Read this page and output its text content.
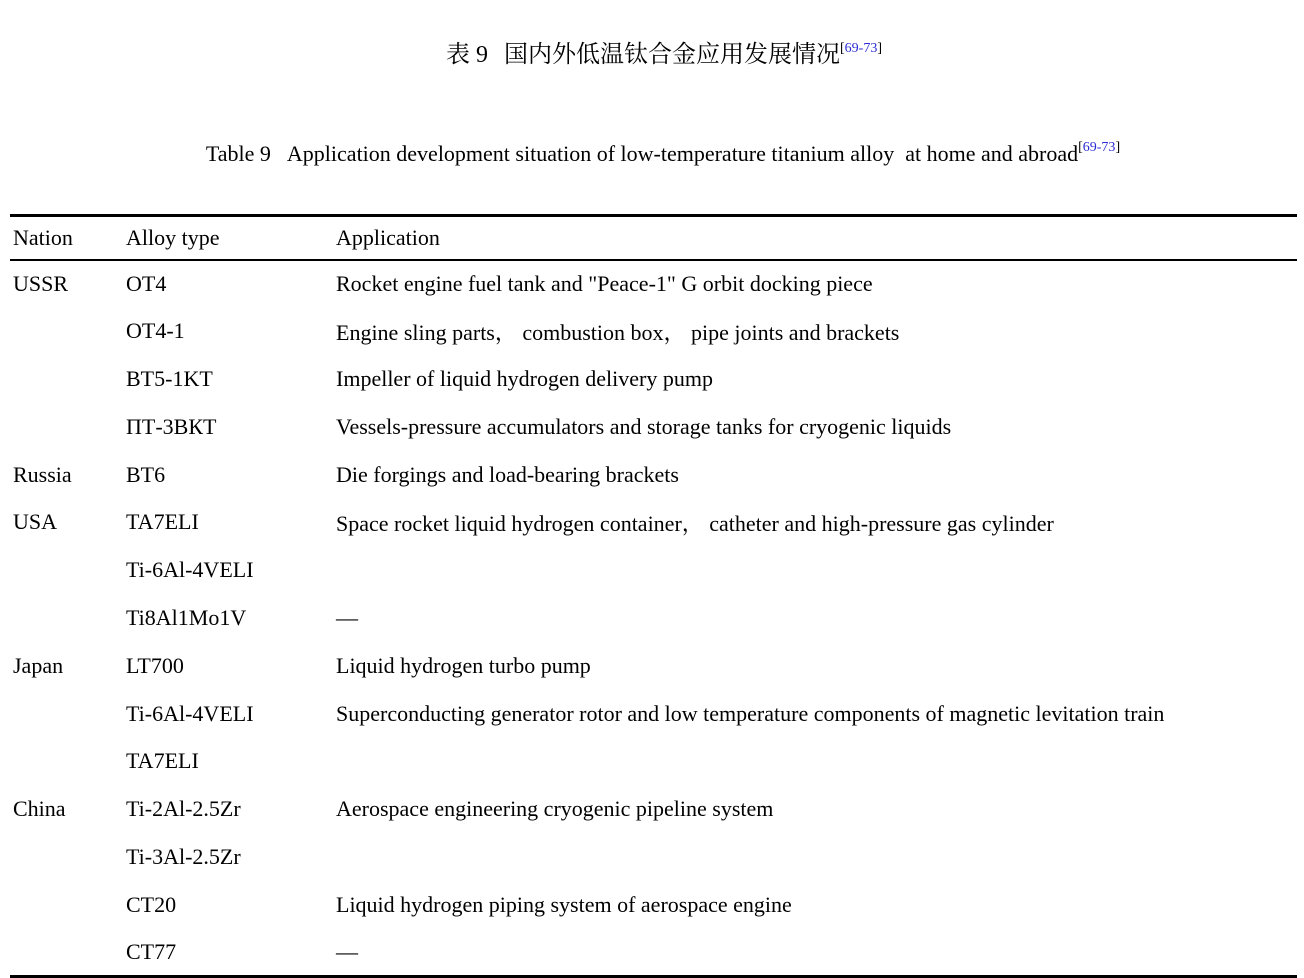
表 9 国内外低温钛合金应用发展情况[69-73]

Table 9 Application development situation of low-temperature titanium alloy  at home and abroad[69-73]

Nation	Alloy type	Application
USSR	OT4	Rocket engine fuel tank and "Peace-1" G orbit docking piece
	OT4-1	Engine sling parts， combustion box， pipe joints and brackets
	BT5-1KT	Impeller of liquid hydrogen delivery pump
	ПТ-3ВКТ	Vessels-pressure accumulators and storage tanks for cryogenic liquids
Russia	BT6	Die forgings and load-bearing brackets
USA	TA7ELI	Space rocket liquid hydrogen container， catheter and high-pressure gas cylinder
	Ti-6Al-4VELI	
	Ti8Al1Mo1V	—
Japan	LT700	Liquid hydrogen turbo pump
	Ti-6Al-4VELI	Superconducting generator rotor and low temperature components of magnetic levitation train
	TA7ELI	
China	Ti-2Al-2.5Zr	Aerospace engineering cryogenic pipeline system
	Ti-3Al-2.5Zr	
	CT20	Liquid hydrogen piping system of aerospace engine
	CT77	—
